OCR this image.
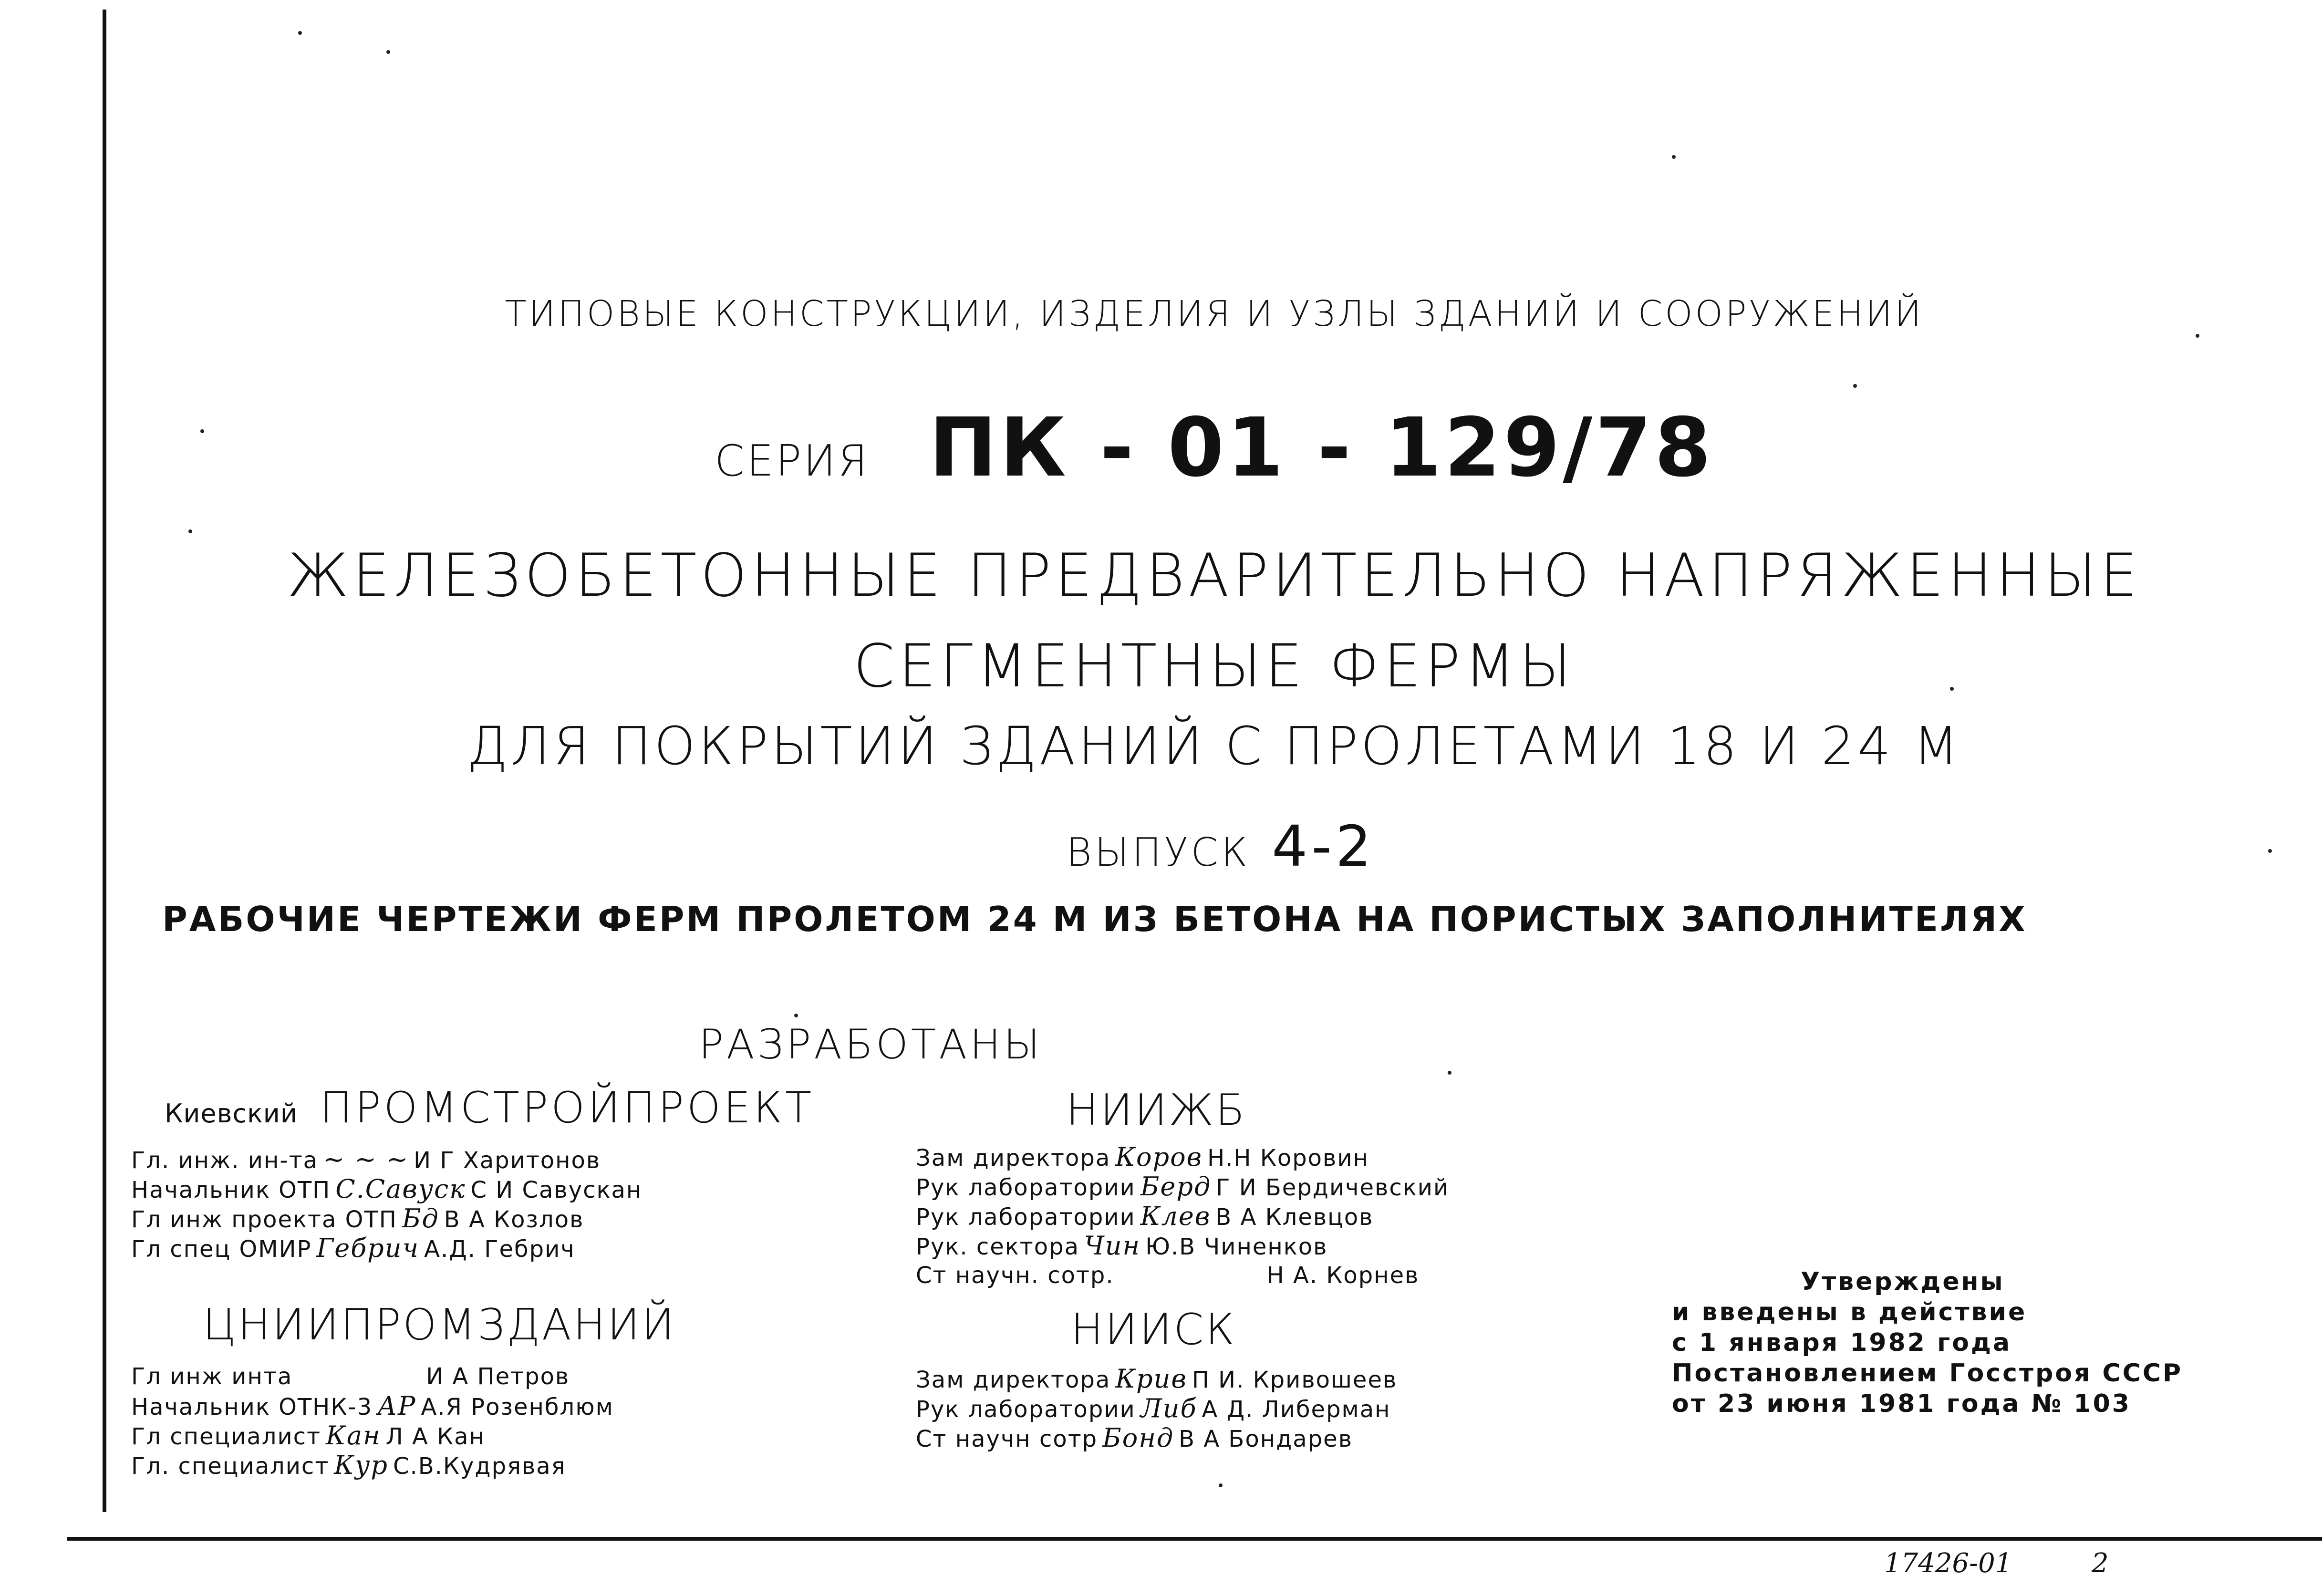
ТИПОВЫЕ КОНСТРУКЦИИ, ИЗДЕЛИЯ И УЗЛЫ ЗДАНИЙ И СООРУЖЕНИЙ
СЕРИЯ ПК - 01 - 129/78
ЖЕЛЕЗОБЕТОННЫЕ ПРЕДВАРИТЕЛЬНО НАПРЯЖЕННЫЕ
СЕГМЕНТНЫЕ ФЕРМЫ
ДЛЯ ПОКРЫТИЙ ЗДАНИЙ С ПРОЛЕТАМИ 18 И 24 М
ВЫПУСК 4-2
РАБОЧИЕ ЧЕРТЕЖИ ФЕРМ ПРОЛЕТОМ 24 М ИЗ БЕТОНА НА ПОРИСТЫХ ЗАПОЛНИТЕЛЯХ
РАЗРАБОТАНЫ
Киевский ПРОМСТРОЙПРОЕКТ
Гл. инж. ин-та ~ ~ ~ И Г Харитонов
Начальник ОТП С.Савуск С И Савускан
Гл инж проекта ОТП Бд В А Козлов
Гл спец ОМИР Гебрич А.Д. Гебрич
ЦНИИПРОМЗДАНИЙ
Гл инж инта	И А Петров
Начальник ОТНК-3 АР А.Я Розенблюм
Гл специалист Кан Л А Кан
Гл. специалист Кур С.В.Кудрявая
НИИЖБ
Зам директора Коров Н.Н Коровин
Рук лаборатории Берд Г И Бердичевский
Рук лаборатории Клев В А Клевцов
Рук. сектора Чин Ю.В Чиненков
Ст научн. сотр.	Н А. Корнев
НИИСК
Зам директора Крив П И. Кривошеев
Рук лаборатории Либ А Д. Либерман
Ст научн сотр Бонд В А Бондарев
Утверждены
и введены в действие
с 1 января 1982 года
Постановлением Госстроя СССР
от 23 июня 1981 года № 103
17426-01	2
